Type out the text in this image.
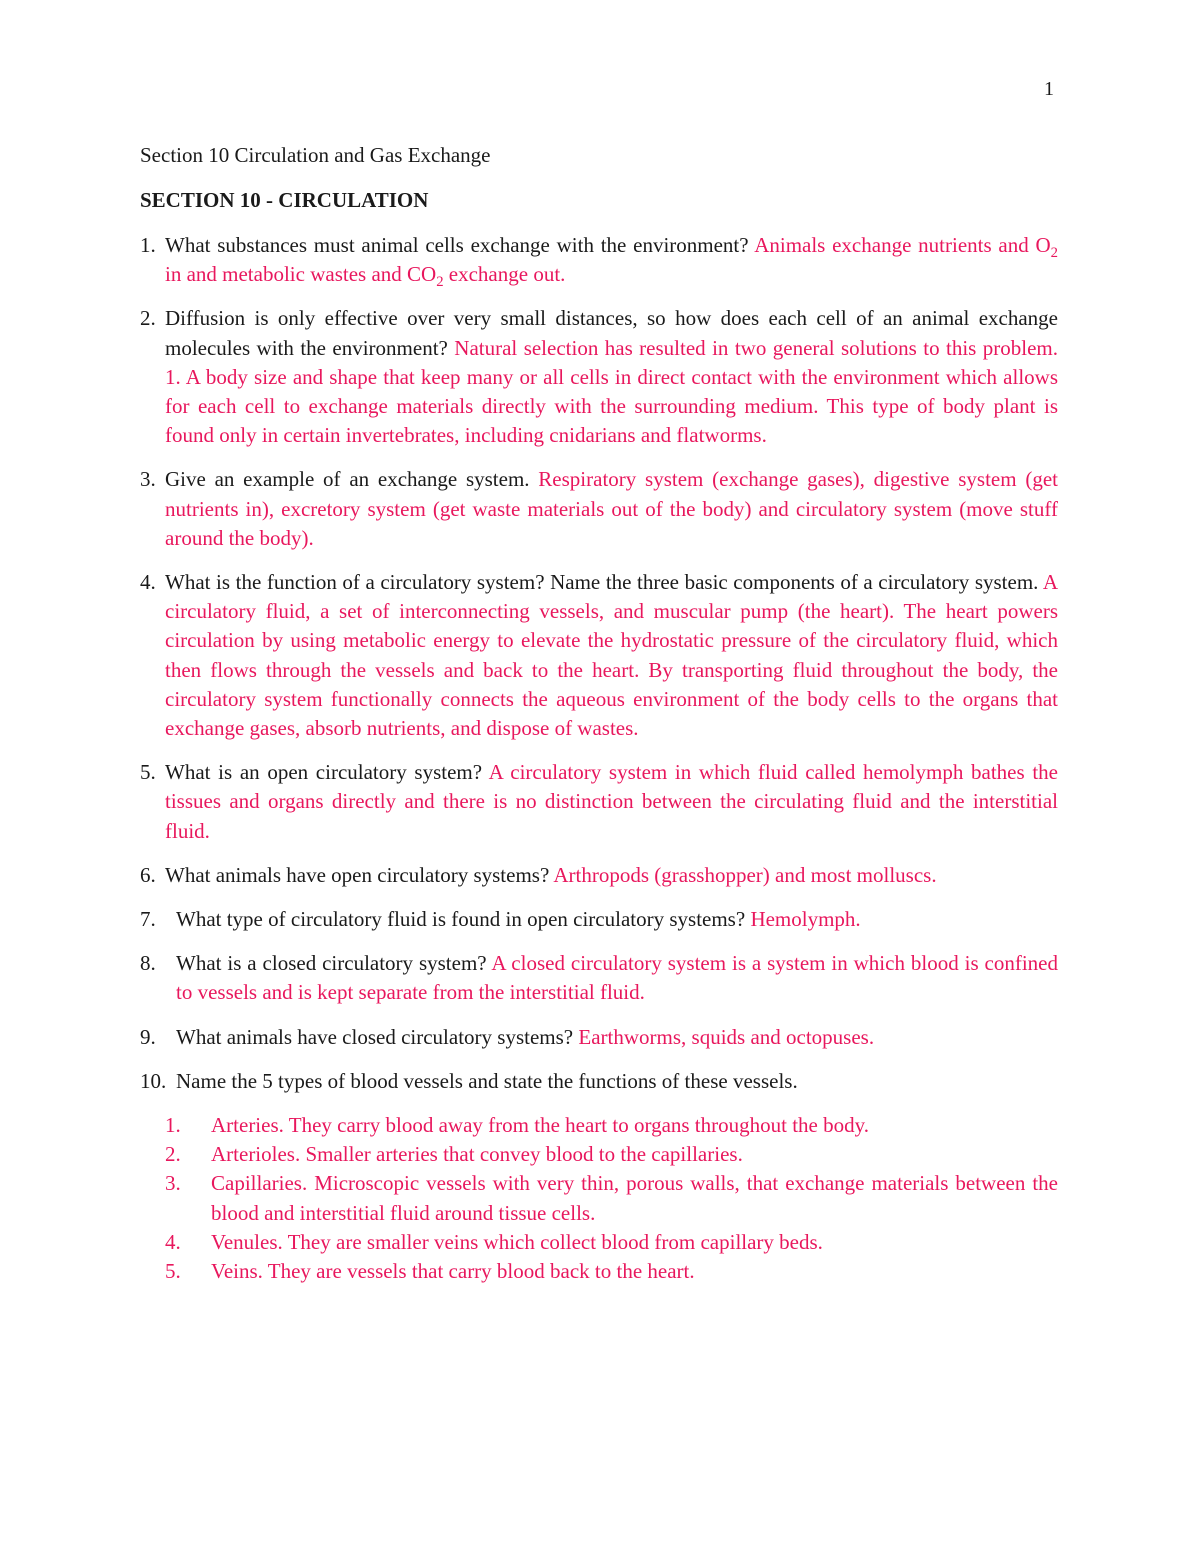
1
Section 10 Circulation and Gas Exchange
SECTION 10 - CIRCULATION
1. What substances must animal cells exchange with the environment? Animals exchange nutrients and $O_2$ in and metabolic wastes and $CO_2$ exchange out.
2. Diffusion is only effective over very small distances, so how does each cell of an animal exchange molecules with the environment? Natural selection has resulted in two general solutions to this problem. 1. A body size and shape that keep many or all cells in direct contact with the environment which allows for each cell to exchange materials directly with the surrounding medium. This type of body plant is found only in certain invertebrates, including cnidarians and flatworms.
3. Give an example of an exchange system. Respiratory system (exchange gases), digestive system (get nutrients in), excretory system (get waste materials out of the body) and circulatory system (move stuff around the body).
4. What is the function of a circulatory system? Name the three basic components of a circulatory system. A circulatory fluid, a set of interconnecting vessels, and muscular pump (the heart). The heart powers circulation by using metabolic energy to elevate the hydrostatic pressure of the circulatory fluid, which then flows through the vessels and back to the heart. By transporting fluid throughout the body, the circulatory system functionally connects the aqueous environment of the body cells to the organs that exchange gases, absorb nutrients, and dispose of wastes.
5. What is an open circulatory system? A circulatory system in which fluid called hemolymph bathes the tissues and organs directly and there is no distinction between the circulating fluid and the interstitial fluid.
6. What animals have open circulatory systems? Arthropods (grasshopper) and most molluscs.
7. What type of circulatory fluid is found in open circulatory systems? Hemolymph.
8. What is a closed circulatory system? A closed circulatory system is a system in which blood is confined to vessels and is kept separate from the interstitial fluid.
9. What animals have closed circulatory systems? Earthworms, squids and octopuses.
10. Name the 5 types of blood vessels and state the functions of these vessels.
1. Arteries. They carry blood away from the heart to organs throughout the body.
2. Arterioles. Smaller arteries that convey blood to the capillaries.
3. Capillaries. Microscopic vessels with very thin, porous walls, that exchange materials between the blood and interstitial fluid around tissue cells.
4. Venules. They are smaller veins which collect blood from capillary beds.
5. Veins. They are vessels that carry blood back to the heart.
